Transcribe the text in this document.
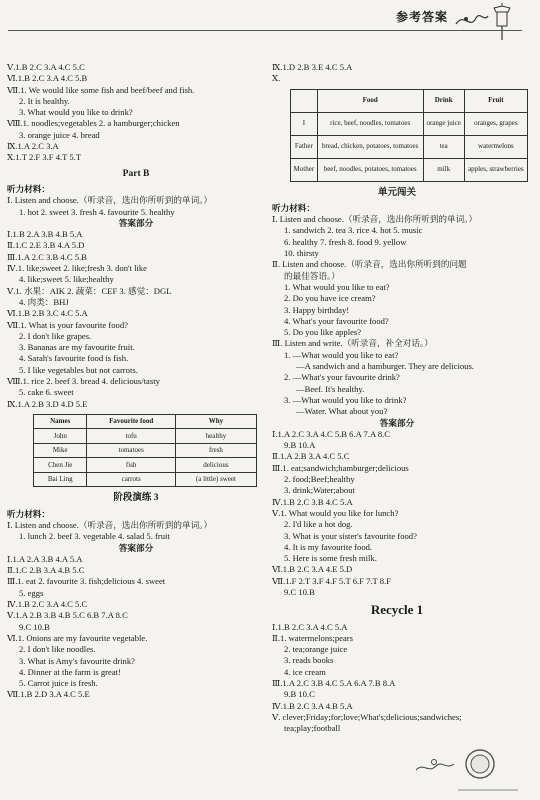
参考答案
Ⅴ.1.B 2.C 3.A 4.C 5.C
Ⅵ.1.B 2.C 3.A 4.C 5.B
Ⅶ.1. We would like some fish and beef/beef and fish.
2. It is healthy.
3. What would you like to drink?
Ⅷ.1. noodles;vegetables 2. a hamburger;chicken
3. orange juice 4. bread
Ⅸ.1.A 2.C 3.A
Ⅹ.1.T 2.F 3.F 4.T 5.T
Part B
听力材料：
Ⅰ. Listen and choose.（听录音，选出你所听到的单词。）
1. hot 2. sweet 3. fresh 4. favourite 5. healthy
答案部分
Ⅰ.1.B 2.A 3.B 4.B 5.A
Ⅱ.1.C 2.E 3.B 4.A 5.D
Ⅲ.1.A 2.C 3.B 4.C 5.B
Ⅳ.1. like;sweet 2. like;fresh 3. don't like
4. like;sweet 5. like;healthy
Ⅴ.1. 水果：AIK 2. 蔬菜：CEF 3. 感觉：DGL
4. 肉类：BHJ
Ⅵ.1.B 2.B 3.C 4.C 5.A
Ⅶ.1. What is your favourite food?
2. I don't like grapes.
3. Bananas are my favourite fruit.
4. Sarah's favourite food is fish.
5. I like vegetables but not carrots.
Ⅷ.1. rice 2. beef 3. bread 4. delicious/tasty
5. cake 6. sweet
Ⅸ.1.A 2.B 3.D 4.D 5.E
Names	Favourite food	Why
John	tofu	healthy
Mike	tomatoes	fresh
Chen Jie	fish	delicious
Bai Ling	carrots	(a little) sweet
阶段演练 3
听力材料：
Ⅰ. Listen and choose.（听录音，选出你所听到的单词。）
1. lunch 2. beef 3. vegetable 4. salad 5. fruit
答案部分
Ⅰ.1.A 2.A 3.B 4.A 5.A
Ⅱ.1.C 2.B 3.A 4.B 5.C
Ⅲ.1. eat 2. favourite 3. fish;delicious 4. sweet
5. eggs
Ⅳ.1.B 2.C 3.A 4.C 5.C
Ⅴ.1.A 2.B 3.B 4.B 5.C 6.B 7.A 8.C
9.C 10.B
Ⅵ.1. Onions are my favourite vegetable.
2. I don't like noodles.
3. What is Amy's favourite drink?
4. Dinner at the farm is great!
5. Carrot juice is fresh.
Ⅶ.1.B 2.D 3.A 4.C 5.E
Ⅸ.1.D 2.B 3.E 4.C 5.A
Ⅹ.
	Food	Drink	Fruit
I	rice, beef, noodles, tomatoes	orange juice	oranges, grapes
Father	bread, chicken, potatoes, tomatoes	tea	watermelons
Mother	beef, noodles, potatoes, tomatoes	milk	apples, strawberries
单元闯关
听力材料：
Ⅰ. Listen and choose.（听录音，选出你所听到的单词。）
1. sandwich 2. tea 3. rice 4. hot 5. music
6. healthy 7. fresh 8. food 9. yellow
10. thirsty
Ⅱ. Listen and choose.（听录音，选出你所听到的问题
的最佳答语。）
1. What would you like to eat?
2. Do you have ice cream?
3. Happy birthday!
4. What's your favourite food?
5. Do you like apples?
Ⅲ. Listen and write.（听录音，补全对话。）
1. —What would you like to eat?
—A sandwich and a hamburger. They are delicious.
2. —What's your favourite drink?
—Beef. It's healthy.
3. —What would you like to drink?
—Water. What about you?
答案部分
Ⅰ.1.A 2.C 3.A 4.C 5.B 6.A 7.A 8.C
9.B 10.A
Ⅱ.1.A 2.B 3.A 4.C 5.C
Ⅲ.1. eat;sandwich;hamburger;delicious
2. food;Beef;healthy
3. drink;Water;about
Ⅳ.1.B 2.C 3.B 4.C 5.A
Ⅴ.1. What would you like for lunch?
2. I'd like a hot dog.
3. What is your sister's favourite food?
4. It is my favourite food.
5. Here is some fresh milk.
Ⅵ.1.B 2.C 3.A 4.E 5.D
Ⅶ.1.F 2.T 3.F 4.F 5.T 6.F 7.T 8.F
9.C 10.B
Recycle 1
Ⅰ.1.B 2.C 3.A 4.C 5.A
Ⅱ.1. watermelons;pears
2. tea;orange juice
3. reads books
4. ice cream
Ⅲ.1.A 2.C 3.B 4.C 5.A 6.A 7.B 8.A
9.B 10.C
Ⅳ.1.B 2.C 3.A 4.B 5.A
Ⅴ. clever;Friday;for;love;What's;delicious;sandwiches;
tea;play;football
